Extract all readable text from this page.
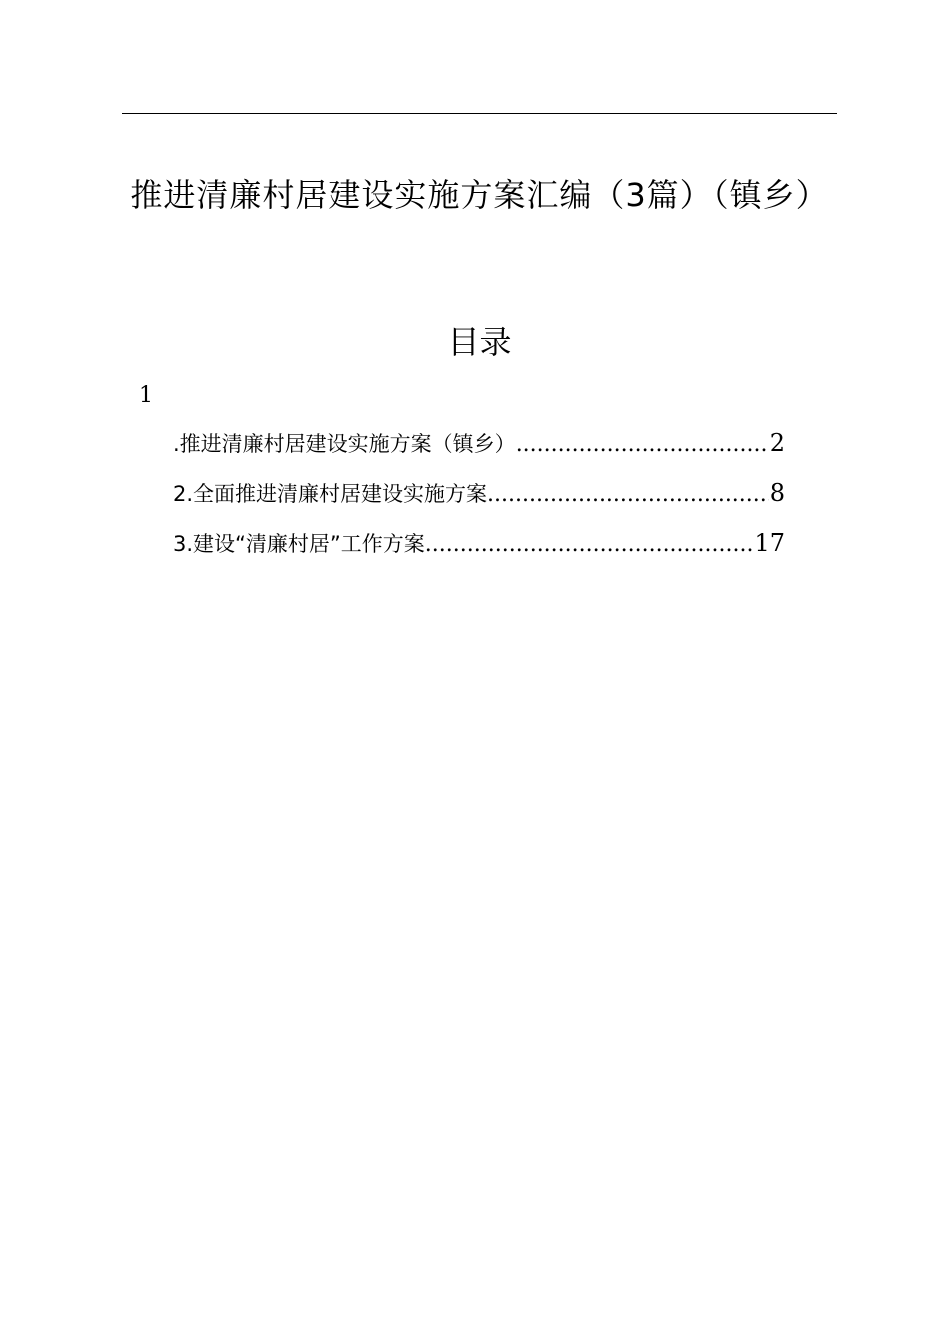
推进清廉村居建设实施方案汇编（3篇）（镇乡）
目录
1
.推进清廉村居建设实施方案（镇乡） .....	2
2.全面推进清廉村居建设实施方案 .....	8
3.建设“清廉村居”工作方案 .....	17
